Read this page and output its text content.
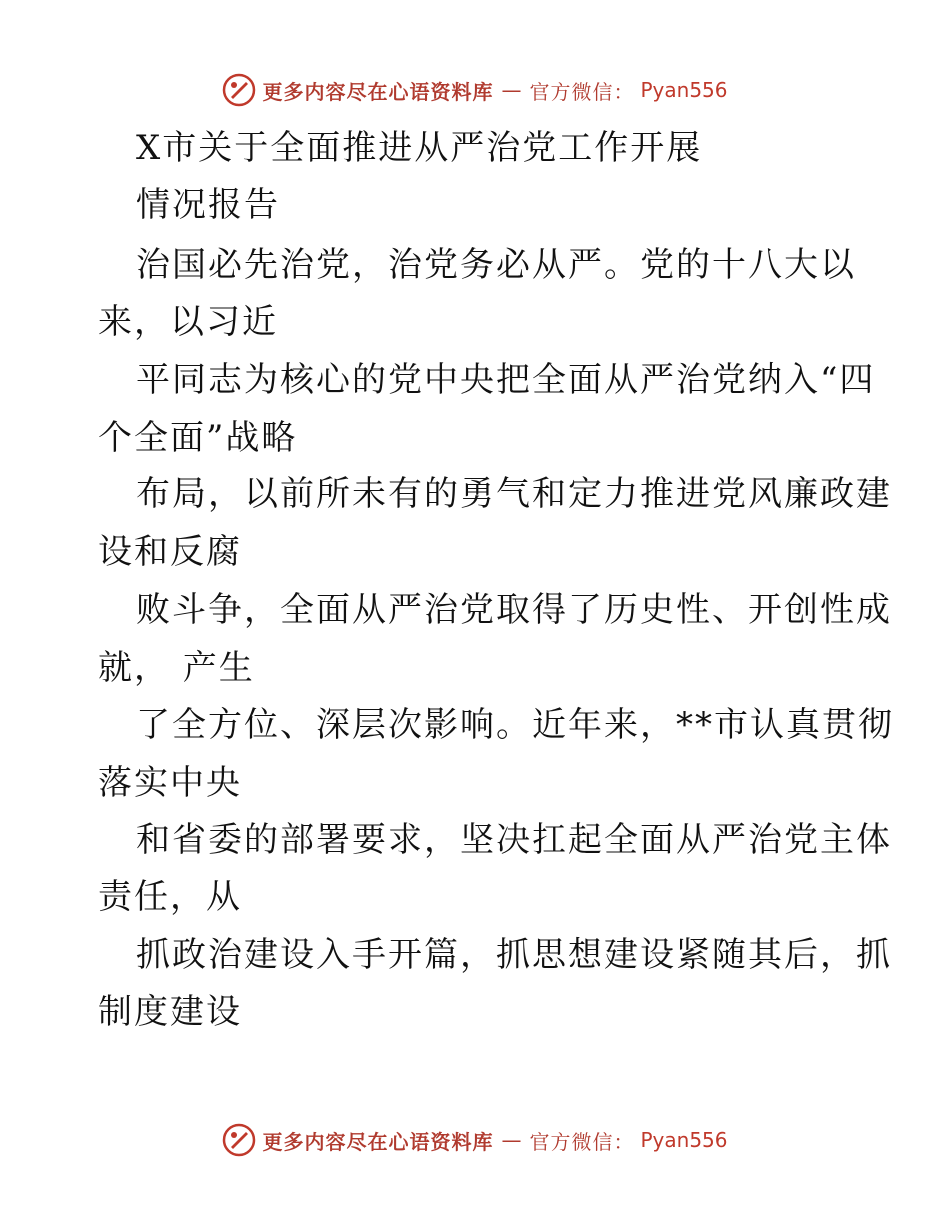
更多内容尽在心语资料库 — 官方微信： Pyan556
X市关于全面推进从严治党工作开展
情况报告
治国必先治党，治党务必从严。党的十八大以
来，以习近
平同志为核心的党中央把全面从严治党纳入“四
个全面”战略
布局，以前所未有的勇气和定力推进党风廉政建
设和反腐
败斗争，全面从严治党取得了历史性、开创性成
就， 产生
了全方位、深层次影响。近年来，**市认真贯彻
落实中央
和省委的部署要求，坚决扛起全面从严治党主体
责任，从
抓政治建设入手开篇，抓思想建设紧随其后，抓
制度建设
更多内容尽在心语资料库 — 官方微信： Pyan556
